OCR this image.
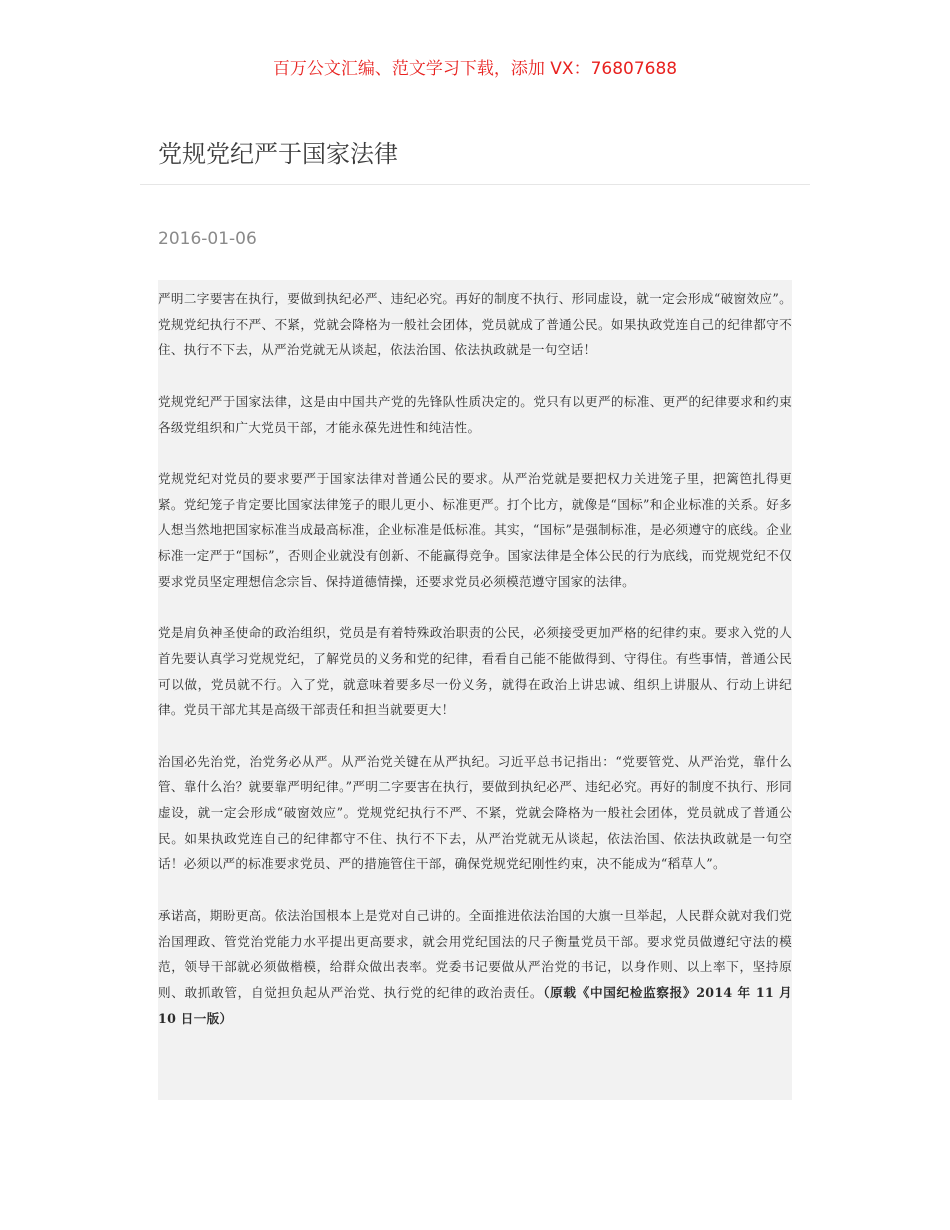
百万公文汇编、范文学习下载，添加 VX：76807688
党规党纪严于国家法律
2016-01-06

严明二字要害在执行，要做到执纪必严、违纪必究。再好的制度不执行、形同虚设，就一定会形成“破窗效应”。党规党纪执行不严、不紧，党就会降格为一般社会团体，党员就成了普通公民。如果执政党连自己的纪律都守不住、执行不下去，从严治党就无从谈起，依法治国、依法执政就是一句空话！

党规党纪严于国家法律，这是由中国共产党的先锋队性质决定的。党只有以更严的标准、更严的纪律要求和约束各级党组织和广大党员干部，才能永葆先进性和纯洁性。

党规党纪对党员的要求要严于国家法律对普通公民的要求。从严治党就是要把权力关进笼子里，把篱笆扎得更紧。党纪笼子肯定要比国家法律笼子的眼儿更小、标准更严。打个比方，就像是“国标”和企业标准的关系。好多人想当然地把国家标准当成最高标准，企业标准是低标准。其实，“国标”是强制标准，是必须遵守的底线。企业标准一定严于“国标”，否则企业就没有创新、不能赢得竞争。国家法律是全体公民的行为底线，而党规党纪不仅要求党员坚定理想信念宗旨、保持道德情操，还要求党员必须模范遵守国家的法律。

党是肩负神圣使命的政治组织，党员是有着特殊政治职责的公民，必须接受更加严格的纪律约束。要求入党的人首先要认真学习党规党纪，了解党员的义务和党的纪律，看看自己能不能做得到、守得住。有些事情，普通公民可以做，党员就不行。入了党，就意味着要多尽一份义务，就得在政治上讲忠诚、组织上讲服从、行动上讲纪律。党员干部尤其是高级干部责任和担当就要更大！

治国必先治党，治党务必从严。从严治党关键在从严执纪。习近平总书记指出：“党要管党、从严治党，靠什么管、靠什么治？就要靠严明纪律。”严明二字要害在执行，要做到执纪必严、违纪必究。再好的制度不执行、形同虚设，就一定会形成“破窗效应”。党规党纪执行不严、不紧，党就会降格为一般社会团体，党员就成了普通公民。如果执政党连自己的纪律都守不住、执行不下去，从严治党就无从谈起，依法治国、依法执政就是一句空话！必须以严的标准要求党员、严的措施管住干部，确保党规党纪刚性约束，决不能成为“稻草人”。

承诺高，期盼更高。依法治国根本上是党对自己讲的。全面推进依法治国的大旗一旦举起，人民群众就对我们党治国理政、管党治党能力水平提出更高要求，就会用党纪国法的尺子衡量党员干部。要求党员做遵纪守法的模范，领导干部就必须做楷模，给群众做出表率。党委书记要做从严治党的书记，以身作则、以上率下，坚持原则、敢抓敢管，自觉担负起从严治党、执行党的纪律的政治责任。（原载《中国纪检监察报》2014 年 11 月 10 日一版）
